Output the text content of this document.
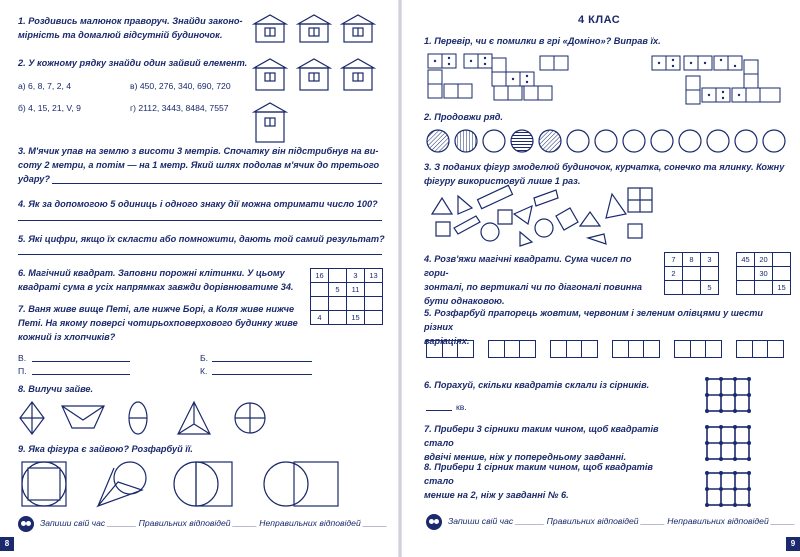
1. Роздивись малюнок праворуч. Знайди законо-
мірність та домалюй відсутній будиночок.
2. У кожному рядку знайди один зайвий елемент.
а) 6, 8, 7, 2, 4	в) 450, 276, 340, 690, 720
б) 4, 15, 21, V, 9	г) 2112, 3443, 8484, 7557
3. М'ячик упав на землю з висоти 3 метрів. Спочатку він підстрибнув на ви-
соту 2 метри, а потім — на 1 метр. Який шлях подолав м'ячик до третього
удару?
4. Як за допомогою 5 одиниць і одного знаку дії можна отримати число 100?
5. Які цифри, якщо їх скласти або помножити, дають той самий результат?
6. Магічний квадрат. Заповни порожні клітинки. У цьому
квадраті сума в усіх напрямках завжди дорівнюватиме 34.
16		3	13
	5	11	

4		15	
7. Ваня живе вище Петі, але нижче Борі, а Коля живе нижче
Петі. На якому поверсі чотирьохповерхового будинку живе
кожний із хлопчиків?
В.	Б.
П.	К.
8. Вилучи зайве.
9. Яка фігура є зайвою? Розфарбуй її.
Запиши свій час ______ Правильних відповідей _____ Неправильних відповідей _____
8
4 КЛАС
1. Перевір, чи є помилки в грі «Доміно»? Виправ їх.
2. Продовжи ряд.
3. З поданих фігур змоделюй будиночок, курчатка, сонечко та ялинку. Кожну
фігуру використовуй лише 1 раз.
4. Розв'яжи магічні квадрати. Сума чисел по гори-
зонталі, по вертикалі чи по діагоналі повинна
бути однаковою.
7	8	3
2		
		5
45	20	
	30	
		15
5. Розфарбуй прапорець жовтим, червоним і зеленим олівцями у шести різних
варіаціях.
6. Порахуй, скільки квадратів склали із сірників.
кв.
7. Прибери 3 сірники таким чином, щоб квадратів стало
вдвічі менше, ніж у попередньому завданні.
8. Прибери 1 сірник таким чином, щоб квадратів стало
менше на 2, ніж у завданні № 6.
Запиши свій час ______ Правильних відповідей _____ Неправильних відповідей _____
9
